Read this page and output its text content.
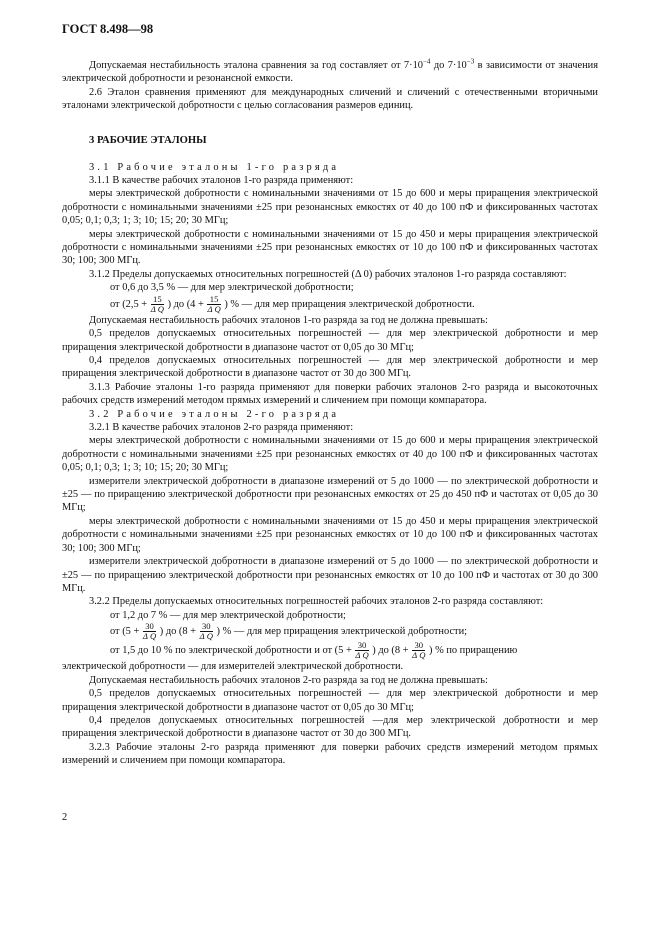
ГОСТ 8.498—98

Допускаемая нестабильность эталона сравнения за год составляет от $7\cdot 10^{-4}$ до $7\cdot 10^{-3}$ в зависимости от значения электрической добротности и резонансной емкости.

2.6 Эталон сравнения применяют для международных сличений и сличений с отечественными вторичными эталонами электрической добротности с целью согласования размеров единиц.

3 РАБОЧИЕ ЭТАЛОНЫ

3.1 Рабочие эталоны 1-го разряда

3.1.1 В качестве рабочих эталонов 1-го разряда применяют:

меры электрической добротности с номинальными значениями от 15 до 600 и меры приращения электрической добротности с номинальными значениями ±25 при резонансных емкостях от 40 до 100 пФ и фиксированных частотах 0,05; 0,1; 0,3; 1; 3; 10; 15; 20; 30 МГц;

меры электрической добротности с номинальными значениями от 15 до 450 и меры приращения электрической добротности с номинальными значениями ±25 при резонансных емкостях от 10 до 100 пФ и фиксированных частотах 30; 100; 300 МГц.

3.1.2 Пределы допускаемых относительных погрешностей (Δ 0) рабочих эталонов 1-го разряда составляют:

от 0,6 до 3,5 % — для мер электрической добротности;

от ($2,5 + \frac{15}{\text{Δ Q}}$ ) до ($4 + \frac{15}{\text{Δ Q}}$ ) % — для мер приращения электрической добротности.

Допускаемая нестабильность рабочих эталонов 1-го разряда за год не должна превышать:

0,5 пределов допускаемых относительных погрешностей — для мер электрической добротности и мер приращения электрической добротности в диапазоне частот от 0,05 до 30 МГц;

0,4 пределов допускаемых относительных погрешностей — для мер электрической добротности и мер приращения электрической добротности в диапазоне частот от 30 до 300 МГц.

3.1.3 Рабочие эталоны 1-го разряда применяют для поверки рабочих эталонов 2-го разряда и высокоточных рабочих средств измерений методом прямых измерений и сличением при помощи компаратора.

3.2 Рабочие эталоны 2-го разряда

3.2.1 В качестве рабочих эталонов 2-го разряда применяют:

меры электрической добротности с номинальными значениями от 15 до 600 и меры приращения электрической добротности с номинальными значениями ±25 при резонансных емкостях от 40 до 100 пФ и фиксированных частотах 0,05; 0,1; 0,3; 1; 3; 10; 15; 20; 30 МГц;

измерители электрической добротности в диапазоне измерений от 5 до 1000 — по электрической добротности и ±25 — по приращению электрической добротности при резонансных емкостях от 25 до 450 пФ и частотах от 0,05 до 30 МГц;

меры электрической добротности с номинальными значениями от 15 до 450 и меры приращения электрической добротности с номинальными значениями ±25 при резонансных емкостях от 10 до 100 пФ и фиксированных частотах 30; 100; 300 МГц;

измерители электрической добротности в диапазоне измерений от 5 до 1000 — по электрической добротности и ±25 — по приращению электрической добротности при резонансных емкостях от 10 до 100 пФ и частотах от 30 до 300 МГц.

3.2.2 Пределы допускаемых относительных погрешностей рабочих эталонов 2-го разряда составляют:

от 1,2 до 7 % — для мер электрической добротности;

от ($5 + \frac{30}{\text{Δ Q}}$ ) до ($8 + \frac{30}{\text{Δ Q}}$ ) % — для мер приращения электрической добротности;

от 1,5 до 10 % по электрической добротности и от ($5 + \frac{30}{\text{Δ Q}}$ ) до ($8 + \frac{30}{\text{Δ Q}}$ ) % по приращению

электрической добротности — для измерителей электрической добротности.

Допускаемая нестабильность рабочих эталонов 2-го разряда за год не должна превышать:

0,5 пределов допускаемых относительных погрешностей — для мер электрической добротности и мер приращения электрической добротности в диапазоне частот от 0,05 до 30 МГц;

0,4 пределов допускаемых относительных погрешностей —для мер электрической добротности и мер приращения электрической добротности в диапазоне частот от 30 до 300 МГц.

3.2.3 Рабочие эталоны 2-го разряда применяют для поверки рабочих средств измерений методом прямых измерений и сличением при помощи компаратора.

2
